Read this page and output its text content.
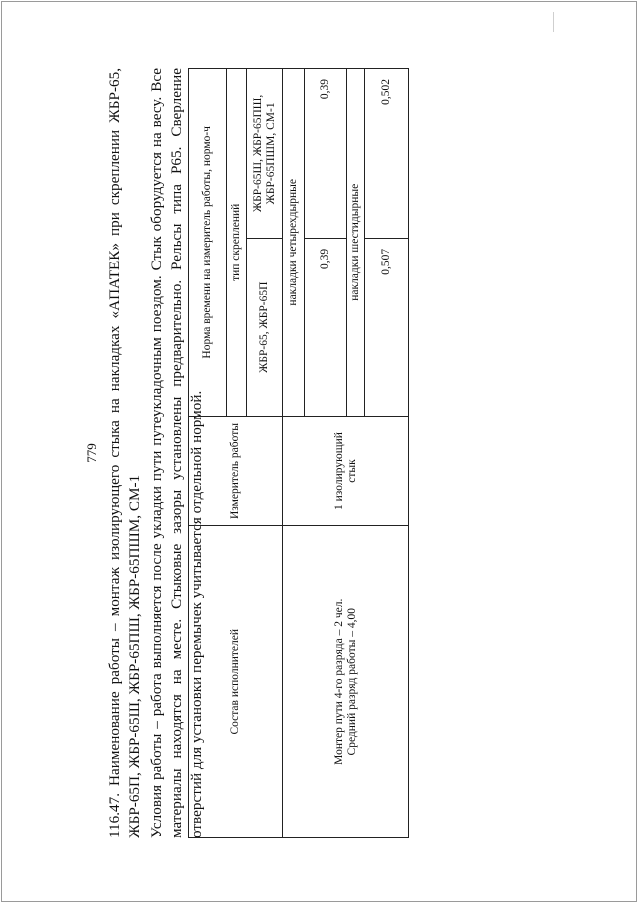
779 116.47. Наименование работы – монтаж изолирующего стыка на накладках «АПАТЕК» при скреплении ЖБР-65, ЖБР-65П, ЖБР-65Ш, ЖБР-65ПШ, ЖБР-65ПШМ, СМ-1 Условия работы – работа выполняется после укладки пути путеукладочным поездом. Стык оборудуется на весу. Все материалы находятся на месте. Стыковые зазоры установлены предварительно. Рельсы типа Р65. Сверление отверстий для установки перемычек учитывается отдельной нормой. Состав исполнителей	Измеритель работы	Норма времени на измеритель работы, нормо-ч	
		тип скреплений	
		ЖБР-65, ЖБР-65П	ЖБР-65Ш, ЖБР-65ПШ, ЖБР-65ПШМ, СМ-1

Монтер пути 4-го разряда – 2 чел. Средний разряд работы – 4,00	1 изолирующий стык	накладки четырехдырные	
		0,39	0,39
		накладки шестидырные	
		0,507	0,502
